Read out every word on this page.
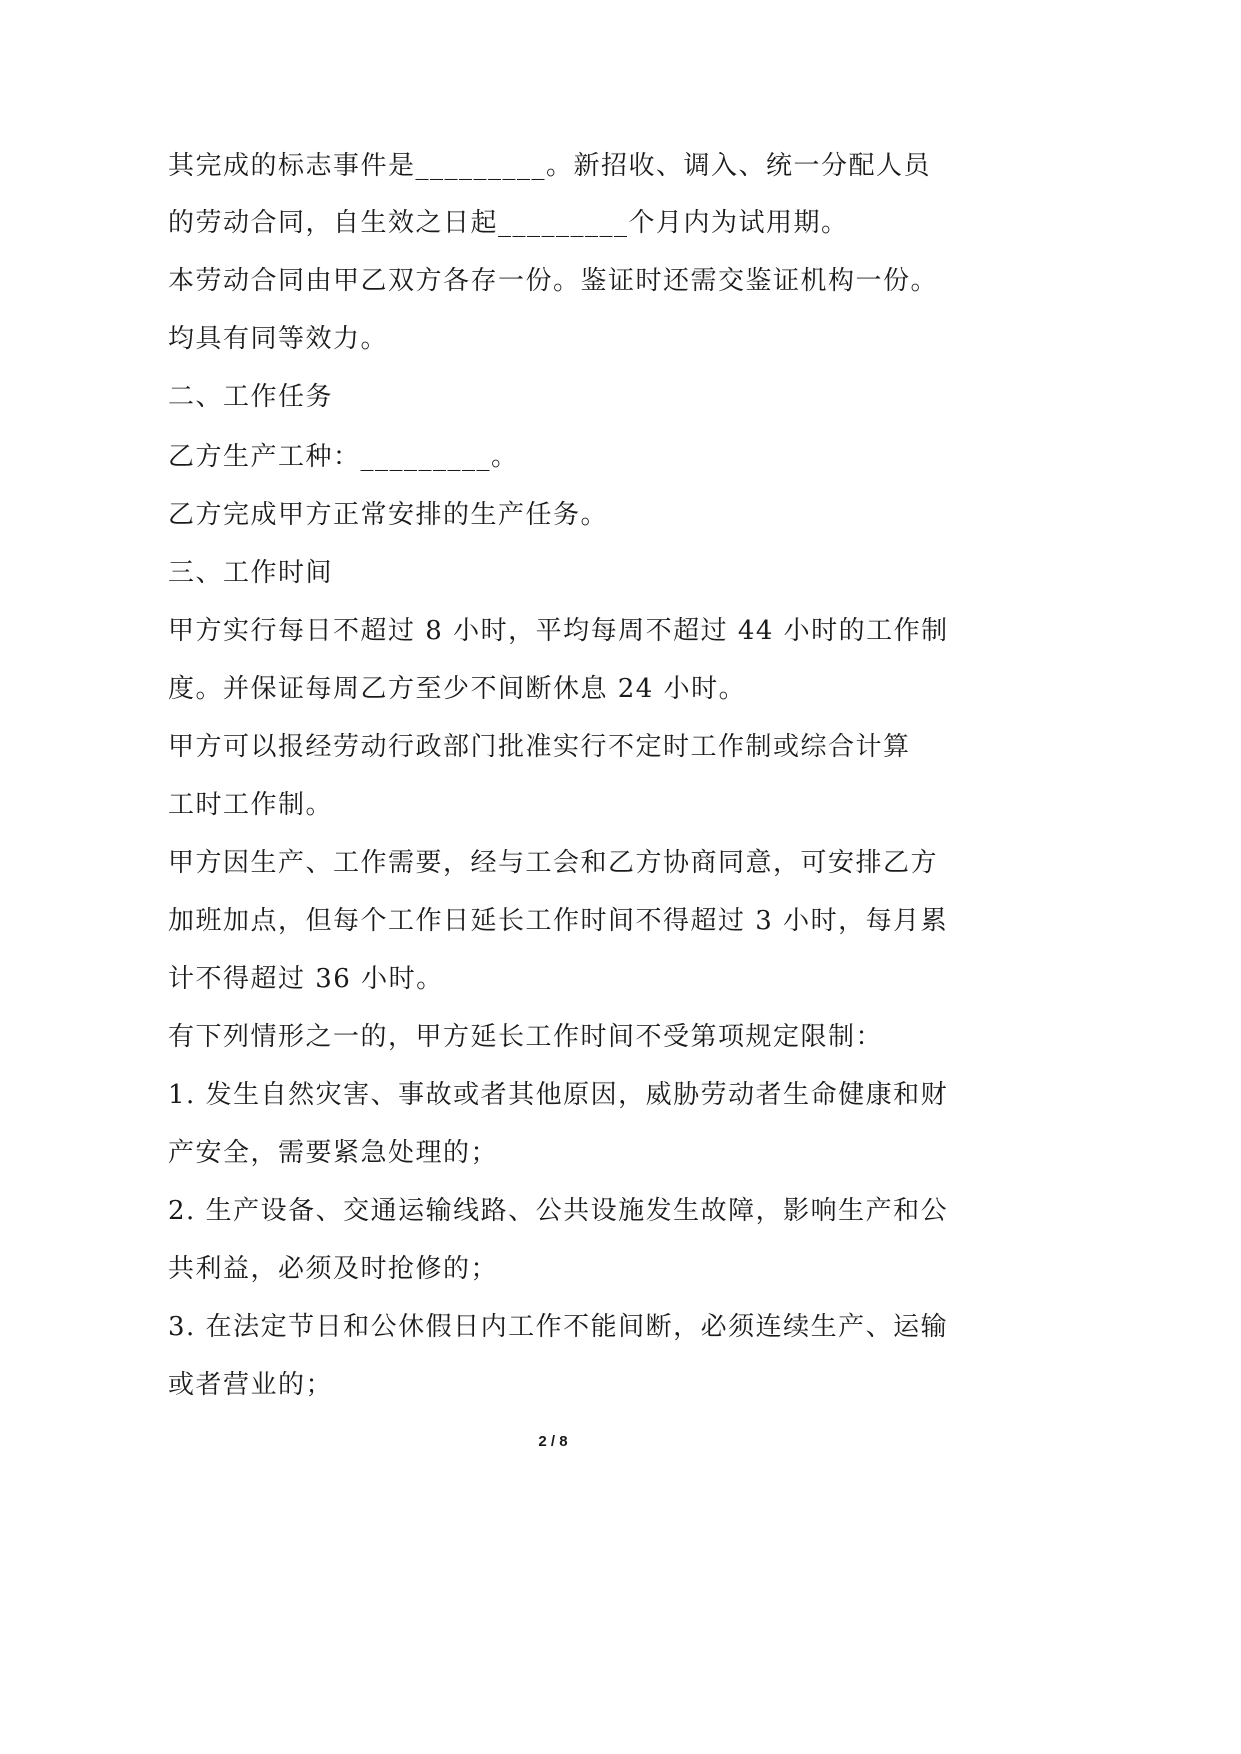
其完成的标志事件是_________。新招收、调入、统一分配人员
的劳动合同，自生效之日起_________个月内为试用期。
本劳动合同由甲乙双方各存一份。鉴证时还需交鉴证机构一份。
均具有同等效力。
二、工作任务
乙方生产工种：_________。
乙方完成甲方正常安排的生产任务。
三、工作时间
甲方实行每日不超过 8 小时，平均每周不超过 44 小时的工作制
度。并保证每周乙方至少不间断休息 24 小时。
甲方可以报经劳动行政部门批准实行不定时工作制或综合计算
工时工作制。
甲方因生产、工作需要，经与工会和乙方协商同意，可安排乙方
加班加点，但每个工作日延长工作时间不得超过 3 小时，每月累
计不得超过 36 小时。
有下列情形之一的，甲方延长工作时间不受第项规定限制：
1. 发生自然灾害、事故或者其他原因，威胁劳动者生命健康和财
产安全，需要紧急处理的；
2. 生产设备、交通运输线路、公共设施发生故障，影响生产和公
共利益，必须及时抢修的；
3. 在法定节日和公休假日内工作不能间断，必须连续生产、运输
或者营业的；
2 / 8
